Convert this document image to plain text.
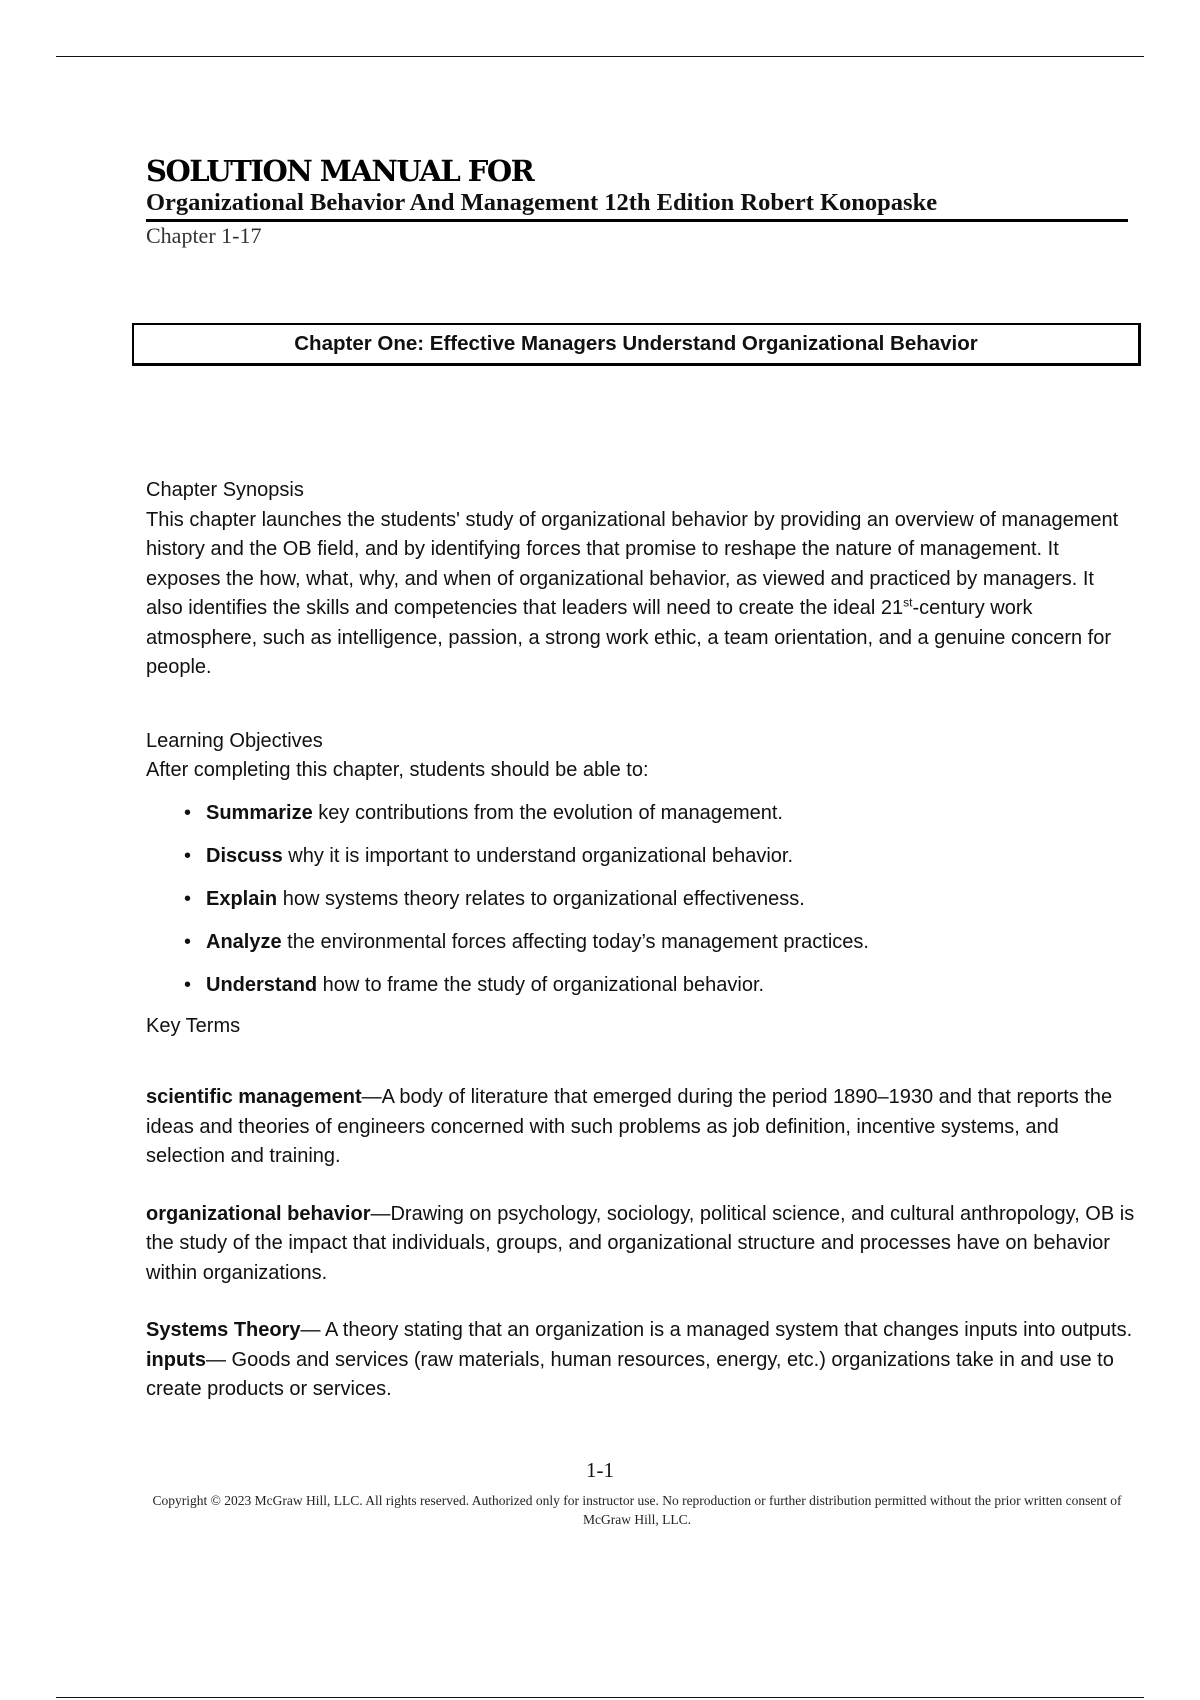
SOLUTION MANUAL FOR
Organizational Behavior And Management 12th Edition Robert Konopaske
Chapter 1-17
Chapter One: Effective Managers Understand Organizational Behavior

Chapter Synopsis

This chapter launches the students' study of organizational behavior by providing an overview of management history and the OB field, and by identifying forces that promise to reshape the nature of management. It exposes the how, what, why, and when of organizational behavior, as viewed and practiced by managers. It also identifies the skills and competencies that leaders will need to create the ideal 21st-century work atmosphere, such as intelligence, passion, a strong work ethic, a team orientation, and a genuine concern for people.

Learning Objectives

After completing this chapter, students should be able to:

• Summarize key contributions from the evolution of management.
• Discuss why it is important to understand organizational behavior.
• Explain how systems theory relates to organizational effectiveness.
• Analyze the environmental forces affecting today’s management practices.
• Understand how to frame the study of organizational behavior.

Key Terms

scientific management—A body of literature that emerged during the period 1890–1930 and that reports the ideas and theories of engineers concerned with such problems as job definition, incentive systems, and selection and training.

organizational behavior—Drawing on psychology, sociology, political science, and cultural anthropology, OB is the study of the impact that individuals, groups, and organizational structure and processes have on behavior within organizations.

Systems Theory— A theory stating that an organization is a managed system that changes inputs into outputs.

inputs— Goods and services (raw materials, human resources, energy, etc.) organizations take in and use to create products or services.

1-1
Copyright © 2023 McGraw Hill, LLC. All rights reserved. Authorized only for instructor use. No reproduction or further distribution permitted without the prior written consent of McGraw Hill, LLC.
